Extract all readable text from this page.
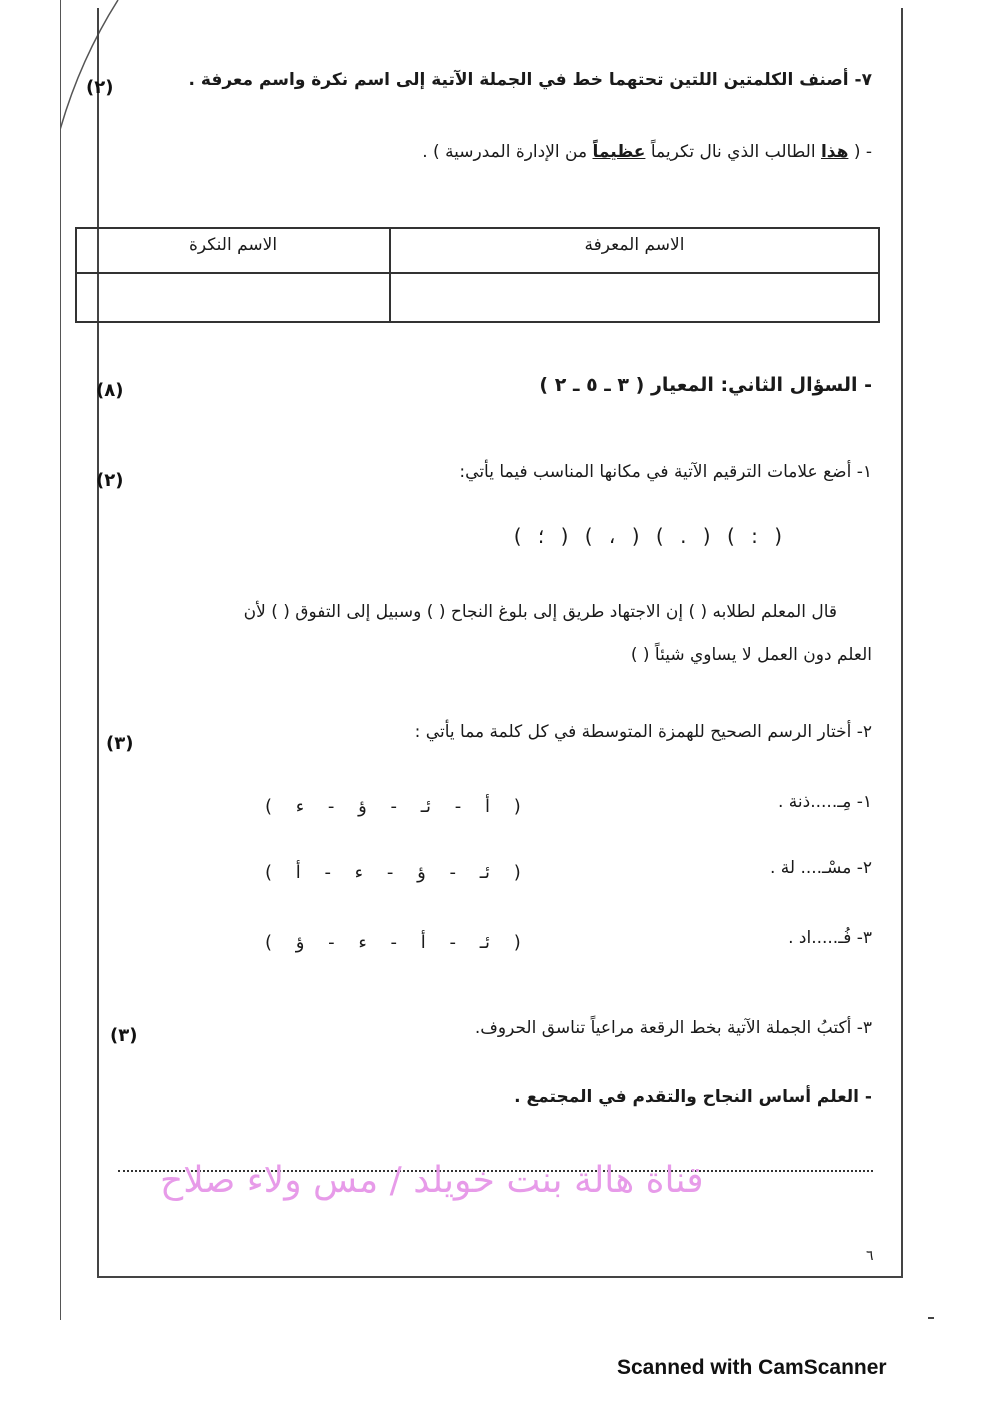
٧- أصنف الكلمتين اللتين تحتهما خط في الجملة الآتية إلى اسم نكرة واسم معرفة .
(٢)
- ( هذا الطالب الذي نال تكريماً عظيماً من الإدارة المدرسية ) .
الاسم المعرفة	الاسم النكرة

- السؤال الثاني: المعيار ( ٣ ـ ٥ ـ ٢ )
(٨)
١- أضع علامات الترقيم الآتية في مكانها المناسب فيما يأتي:
(٢)
( : ) ( . ) ( ، ) ( ؛ )
قال المعلم لطلابه ( ) إن الاجتهاد طريق إلى بلوغ النجاح ( ) وسبيل إلى التفوق ( ) لأن
العلم دون العمل لا يساوي شيئاً ( )
٢- أختار الرسم الصحيح للهمزة المتوسطة في كل كلمة مما يأتي :
(٣)
١- مِـ.....ذنة .
( أ - ئـ - ؤ - ء )
٢- مسْـ.... لة .
( ئـ - ؤ - ء - أ )
٣- فُـ.....اد .
( ئـ - أ - ء - ؤ )
٣- أكتبُ الجملة الآتية بخط الرقعة مراعياً تناسق الحروف.
(٣)
- العلم أساس النجاح والتقدم في المجتمع .
قناة هالة بنت خويلد / مس ولاء صلاح
٦
Scanned with CamScanner
